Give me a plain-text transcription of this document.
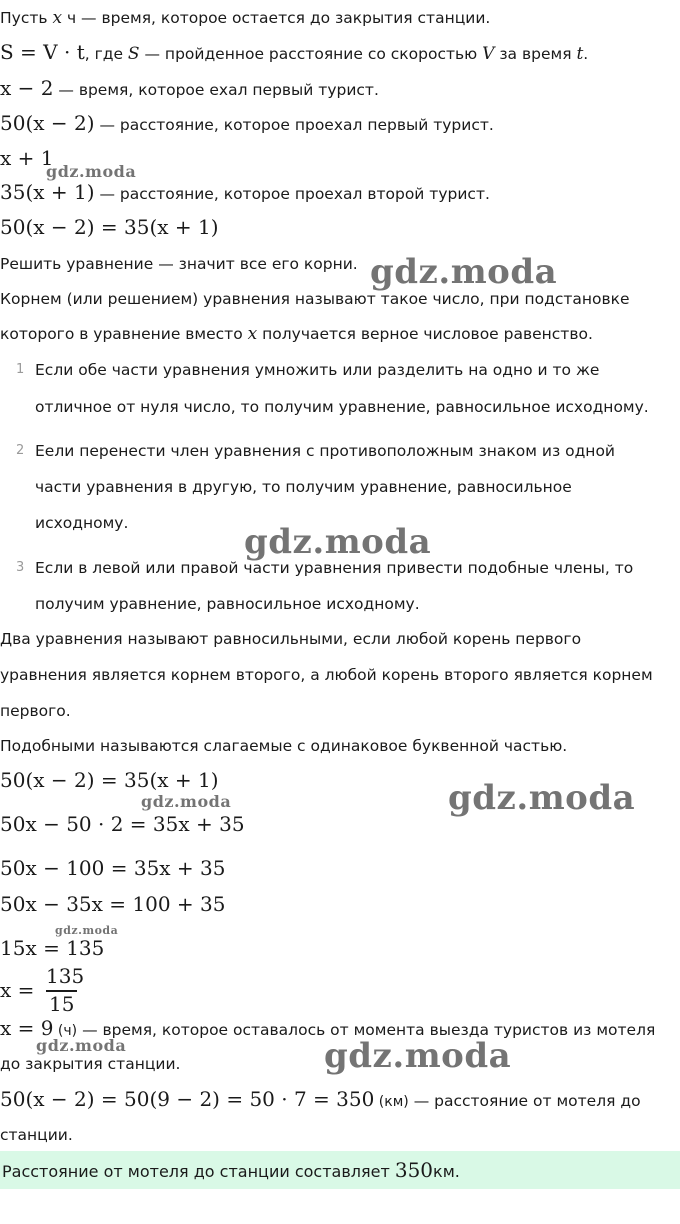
Пусть x ч — время, которое остается до закрытия станции.
S = V · t, где S — пройденное расстояние со скоростью V за время t.
x − 2 — время, которое ехал первый турист.
50(x − 2) — расстояние, которое проехал первый турист.
x + 1
35(x + 1) — расстояние, которое проехал второй турист.
50(x − 2) = 35(x + 1)
Решить уравнение — значит все его корни.
Корнем (или решением) уравнения называют такое число, при подстановке
которого в уравнение вместо x получается верное числовое равенство.
1 Если обе части уравнения умножить или разделить на одно и то же
отличное от нуля число, то получим уравнение, равносильное исходному.
2 Еели перенести член уравнения с противоположным знаком из одной
части уравнения в другую, то получим уравнение, равносильное
исходному.
3 Если в левой или правой части уравнения привести подобные члены, то
получим уравнение, равносильное исходному.
Два уравнения называют равносильными, если любой корень первого
уравнения является корнем второго, а любой корень второго является корнем
первого.
Подобными называются слагаемые с одинаковое буквенной частью.
50(x − 2) = 35(x + 1)
50x − 50 · 2 = 35x + 35
50x − 100 = 35x + 35
50x − 35x = 100 + 35
15x = 135
x =
135
15
x = 9 (ч) — время, которое оставалось от момента выезда туристов из мотеля
до закрытия станции.
50(x − 2) = 50(9 − 2) = 50 · 7 = 350 (км) — расстояние от мотеля до
станции.
Расстояние от мотеля до станции составляет 350км.
gdz.moda
gdz.moda
gdz.moda
gdz.moda
gdz.moda
gdz.moda
gdz.moda	gdz.moda
